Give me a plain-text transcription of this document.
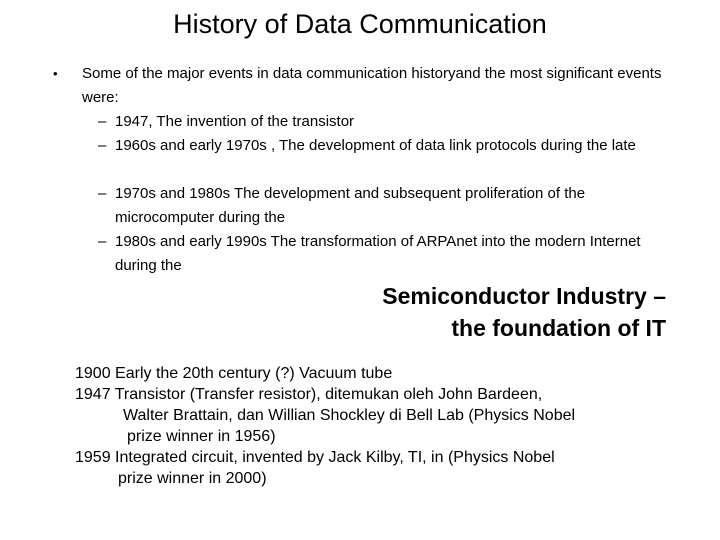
History of Data Communication
• Some of the major events in data communication historyand the most significant events were:
– 1947, The invention of the transistor
– 1960s and early 1970s , The development of data link protocols during the late
– 1970s and 1980s The development and subsequent proliferation of the microcomputer during the
– 1980s and early 1990s The transformation of ARPAnet into the modern Internet during the
Semiconductor Industry –
the foundation of IT
1900 Early the 20th century (?) Vacuum tube
1947 Transistor (Transfer resistor), ditemukan oleh John Bardeen,
Walter Brattain, dan Willian Shockley di Bell Lab (Physics Nobel
prize winner in 1956)
1959 Integrated circuit, invented by Jack Kilby, TI, in (Physics Nobel
prize winner in 2000)
